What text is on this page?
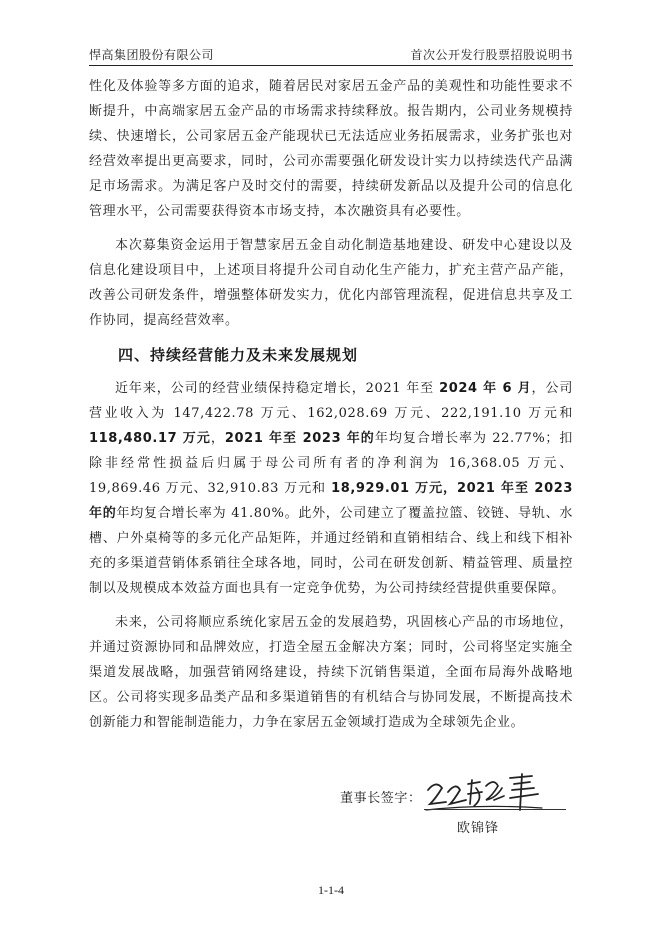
悍高集团股份有限公司	首次公开发行股票招股说明书

性化及体验等多方面的追求，随着居民对家居五金产品的美观性和功能性要求不断提升，中高端家居五金产品的市场需求持续释放。报告期内，公司业务规模持续、快速增长，公司家居五金产能现状已无法适应业务拓展需求，业务扩张也对经营效率提出更高要求，同时，公司亦需要强化研发设计实力以持续迭代产品满足市场需求。为满足客户及时交付的需要，持续研发新品以及提升公司的信息化管理水平，公司需要获得资本市场支持，本次融资具有必要性。

本次募集资金运用于智慧家居五金自动化制造基地建设、研发中心建设以及信息化建设项目中，上述项目将提升公司自动化生产能力，扩充主营产品产能，改善公司研发条件，增强整体研发实力，优化内部管理流程，促进信息共享及工作协同，提高经营效率。

四、持续经营能力及未来发展规划

近年来，公司的经营业绩保持稳定增长，2021 年至 2024 年 6 月，公司营业收入为 147,422.78 万元、162,028.69 万元、222,191.10 万元和 118,480.17 万元，2021 年至 2023 年的年均复合增长率为 22.77%；扣除非经常性损益后归属于母公司所有者的净利润为 16,368.05 万元、19,869.46 万元、32,910.83 万元和 18,929.01 万元，2021 年至 2023 年的年均复合增长率为 41.80%。此外，公司建立了覆盖拉篮、铰链、导轨、水槽、户外桌椅等的多元化产品矩阵，并通过经销和直销相结合、线上和线下相补充的多渠道营销体系销往全球各地，同时，公司在研发创新、精益管理、质量控制以及规模成本效益方面也具有一定竞争优势，为公司持续经营提供重要保障。

未来，公司将顺应系统化家居五金的发展趋势，巩固核心产品的市场地位，并通过资源协同和品牌效应，打造全屋五金解决方案；同时，公司将坚定实施全渠道发展战略，加强营销网络建设，持续下沉销售渠道，全面布局海外战略地区。公司将实现多品类产品和多渠道销售的有机结合与协同发展，不断提高技术创新能力和智能制造能力，力争在家居五金领域打造成为全球领先企业。

董事长签字：
欧锦锋
1-1-4
